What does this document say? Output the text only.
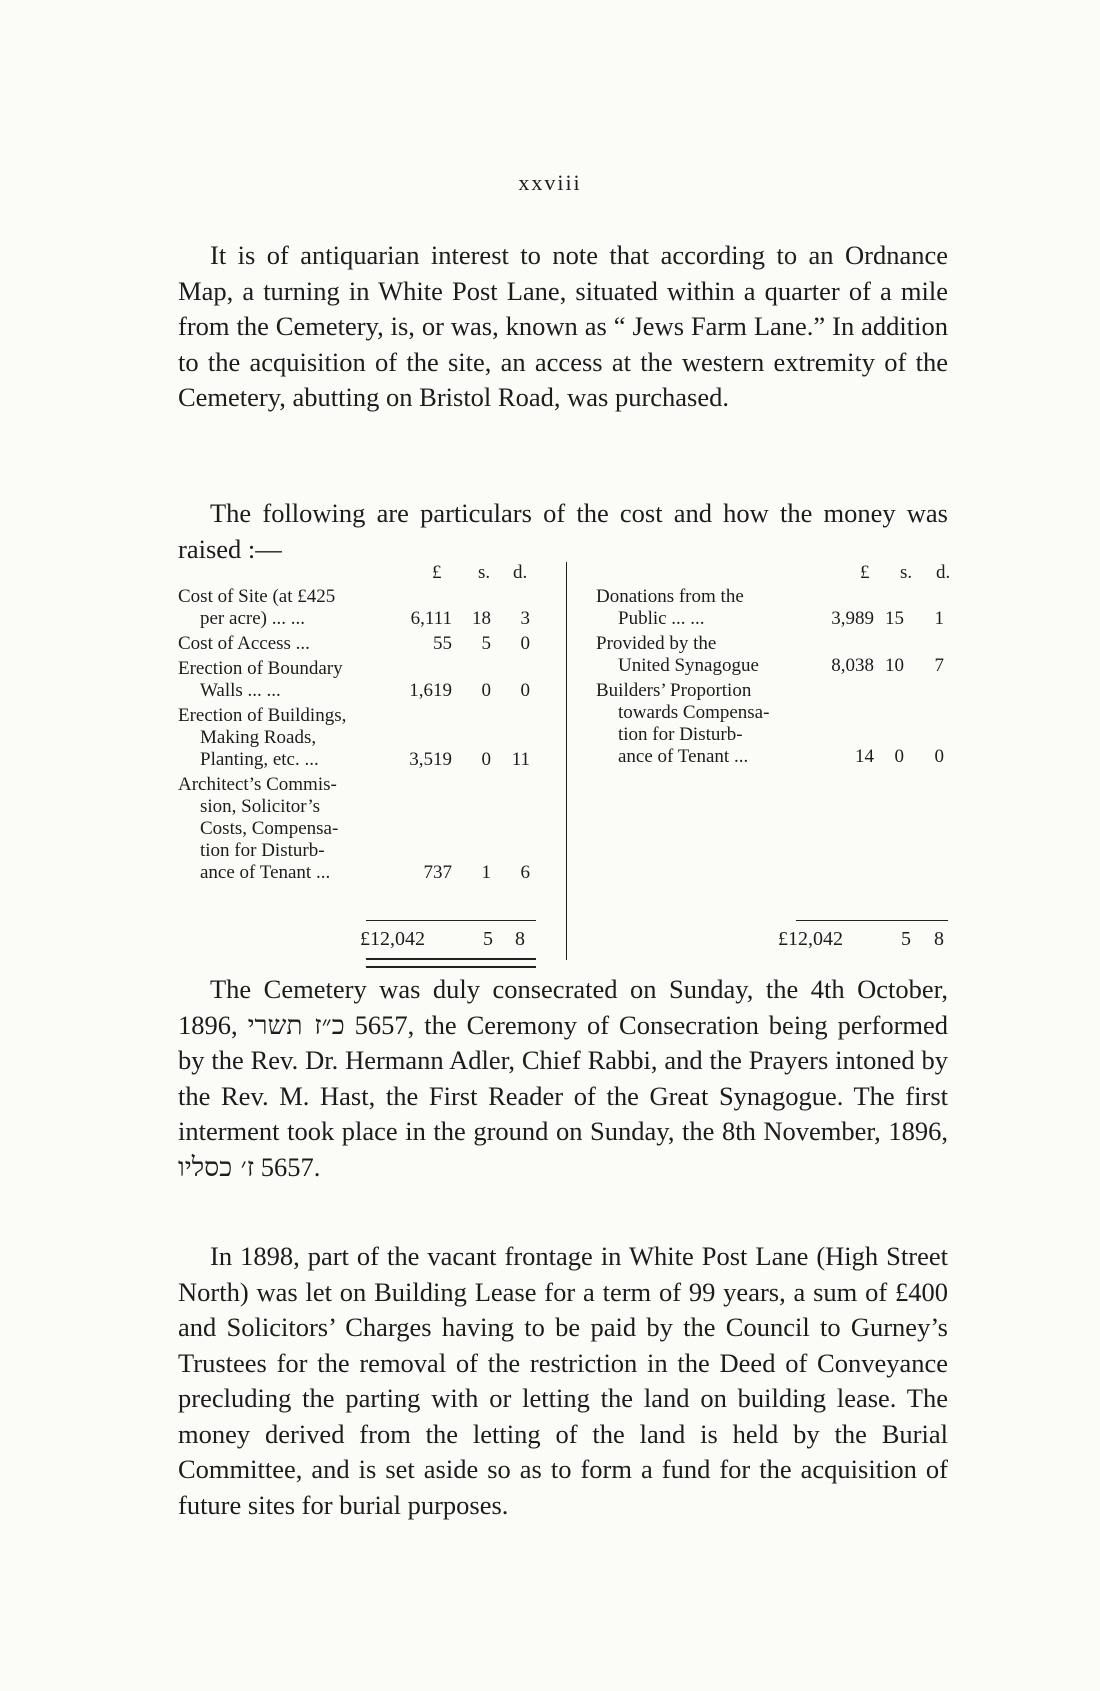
xxviii

It is of antiquarian interest to note that according to an Ordnance Map, a turning in White Post Lane, situated within a quarter of a mile from the Cemetery, is, or was, known as “ Jews Farm Lane.” In addition to the acquisition of the site, an access at the western extremity of the Cemetery, abutting on Bristol Road, was purchased.

The following are particulars of the cost and how the money was raised :—

£ s. d.
Cost of Site (at £425
per acre) ... ...	6,111	18	3
Cost of Access ...	55	5	0
Erection of Boundary
Walls ... ...	1,619	0	0
Erection of Buildings,
Making Roads,
Planting, etc. ...	3,519	0	11
Architect’s Commis-
sion, Solicitor’s
Costs, Compensa-
tion for Disturb-
ance of Tenant ...	737	1	6
£ s. d.
Donations from the
Public ... ...	3,989 15	1
Provided by the
United Synagogue	8,038 10	7
Builders’ Proportion
towards Compensa-
tion for Disturb-
ance of Tenant ...	14	0	0
£12,042	5 8	£12,042	5 8

The Cemetery was duly consecrated on Sunday, the 4th October, 1896, כ״ז תשרי 5657, the Ceremony of Consecration being performed by the Rev. Dr. Hermann Adler, Chief Rabbi, and the Prayers intoned by the Rev. M. Hast, the First Reader of the Great Synagogue. The first interment took place in the ground on Sunday, the 8th November, 1896, ז׳ כסליו 5657.

In 1898, part of the vacant frontage in White Post Lane (High Street North) was let on Building Lease for a term of 99 years, a sum of £400 and Solicitors’ Charges having to be paid by the Council to Gurney’s Trustees for the removal of the restriction in the Deed of Conveyance precluding the parting with or letting the land on building lease. The money derived from the letting of the land is held by the Burial Committee, and is set aside so as to form a fund for the acquisition of future sites for burial purposes.
